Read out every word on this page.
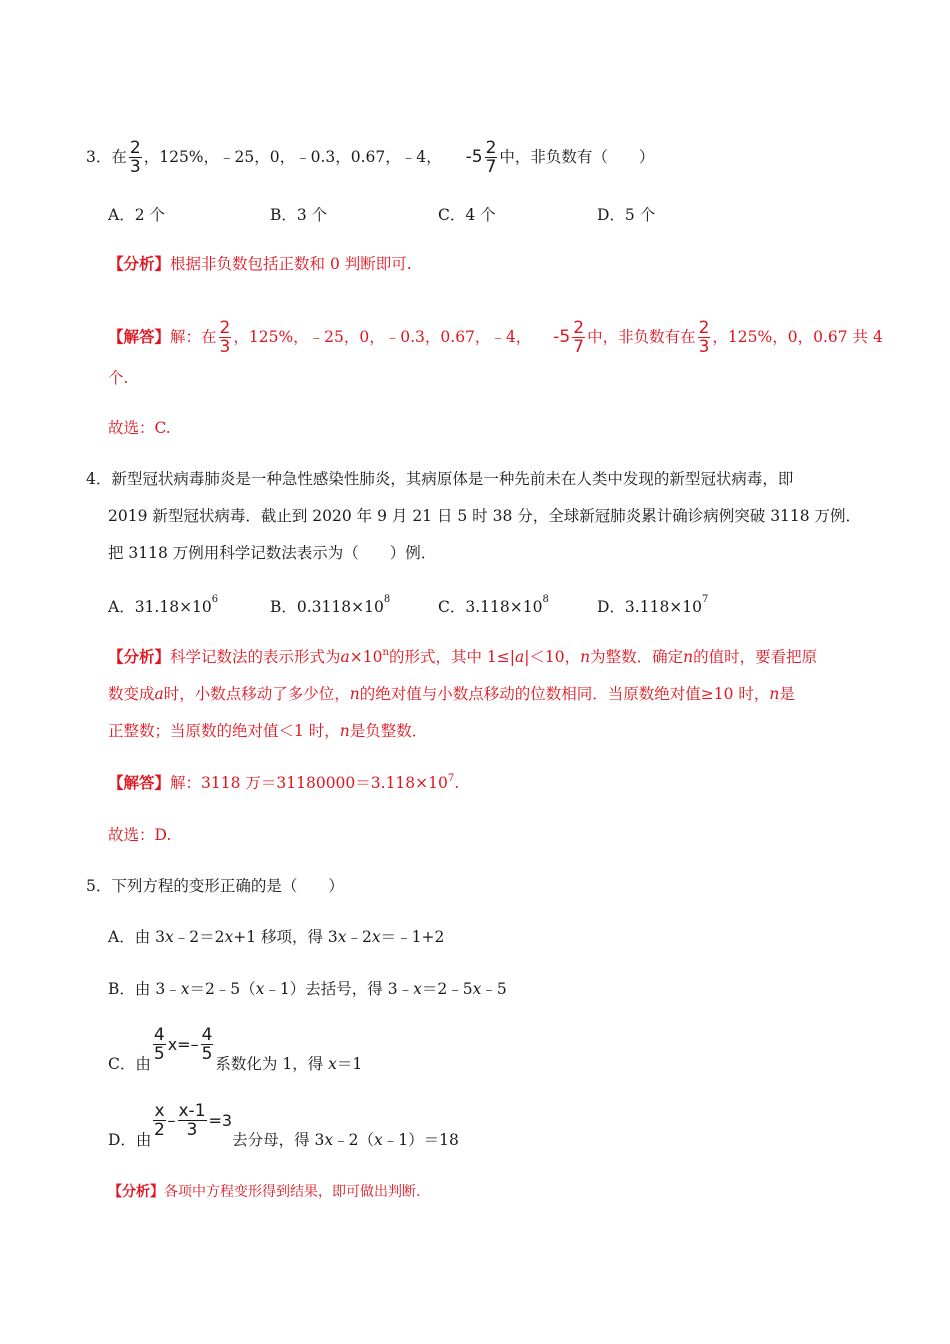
3． 在 $\frac{2}{3}$ ，125%，﹣25，0，﹣0.3，0.67，﹣4， $-5 \frac{2}{7}$ 中，非负数有（　　）
A．2 个	B．3 个	C．4 个	D．5 个
【分析】 根据非负数包括正数和 0 判断即可.
【解答】 解：在 $\frac{2}{3}$ ，125%，﹣25，0，﹣0.3，0.67，﹣4， $-5 \frac{2}{7}$ 中，非负数有在 $\frac{2}{3}$ ，125%，0，0.67 共 4
个.
故选：C.
4．新型冠状病毒肺炎是一种急性感染性肺炎，其病原体是一种先前未在人类中发现的新型冠状病毒，即
2019 新型冠状病毒．截止到 2020 年 9 月 21 日 5 时 38 分，全球新冠肺炎累计确诊病例突破 3118 万例．
把 3118 万例用科学记数法表示为（　　）例．
A．$31.18\times 10^6$	B．$0.3118\times 10^8$	C．$3.118\times 10^8$	D．$3.118\times 10^7$
【分析】 科学记数法的表示形式为 $a \times 10^n$ 的形式，其中 1≤| a |＜10， n 为整数．确定 n 的值时，要看把原
数变成 a 时，小数点移动了多少位， n 的绝对值与小数点移动的位数相同．当原数绝对值≥10 时， n 是
正整数；当原数的绝对值＜1 时， n 是负整数．
【解答】 解：3118 万$=31180000=3.118\times 10^7$ .
故选：D.
5．下列方程的变形正确的是（　　）
A．由 3 x ﹣2＝2 x +1 移项，得 3 x ﹣2 x ＝﹣1+2
B．由 3﹣ x ＝2﹣5（ x ﹣1）去括号，得 3﹣ x ＝2﹣5 x ﹣5
C．由
$\frac{4}{5} x=- \frac{4}{5}$
系数化为 1，得 x＝1
D．由
$\frac{x}{2} - \frac{x-1}{3} =3$
去分母，得 3x﹣2（x﹣1）＝18
【分析】 各项中方程变形得到结果，即可做出判断.
